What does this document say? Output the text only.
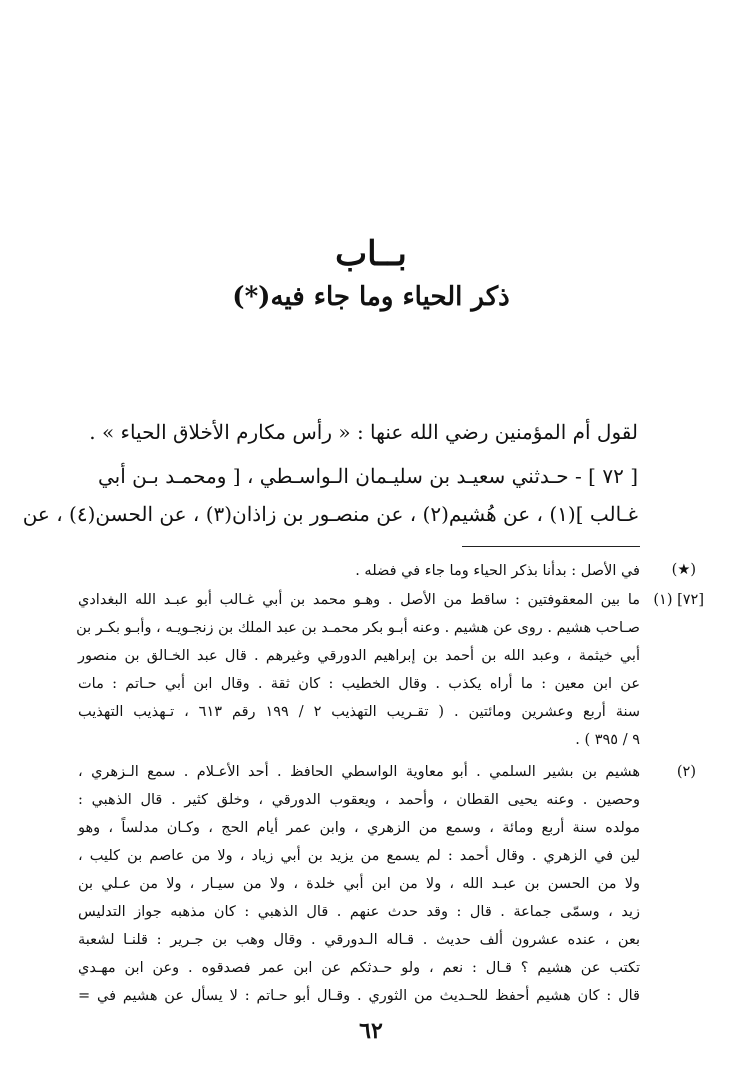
بــاب
ذكر الحياء وما جاء فيه(*)
لقول أم المؤمنين رضي الله عنها : « رأس مكارم الأخلاق الحياء » .
[ ٧٢ ] - حـدثني سعيـد بن سليـمان الـواسـطي ، [ ومحمـد بـن أبي
غـالب ](١) ، عن هُشيم(٢) ، عن منصـور بن زاذان(٣) ، عن الحسن(٤) ، عن
(★)
في الأصل : بدأنا بذكر الحياء وما جاء في فضله .
[٧٢] (١)
ما بين المعقوفتين : ساقط من الأصل . وهـو محمد بن أبي غـالب أبو عبـد الله البغدادي
صـاحب هشيم . روى عن هشيم . وعنه أبـو بكر محمـد بن عبد الملك بن زنجـويـه ، وأبـو بكـر بن
أبي خيثمة ، وعبد الله بن أحمد بن إبراهيم الدورقي وغيرهم . قال عبد الخـالق بن منصور
عن ابن معين : ما أراه يكذب . وقال الخطيب : كان ثقة . وقال ابن أبي حـاتم : مات
سنة أربع وعشرين ومائتين . ( تقـريب التهذيب ٢ / ١٩٩ رقم ٦١٣ ، تـهذيب التهذيب
٩ / ٣٩٥ ) .
(٢)
هشيم بن بشير السلمي . أبو معاوية الواسطي الحافظ . أحد الأعـلام . سمع الـزهري ،
وحصين . وعنه يحيى القطان ، وأحمد ، ويعقوب الدورقي ، وخلق كثير . قال الذهبي :
مولده سنة أربع ومائة ، وسمع من الزهري ، وابن عمر أيام الحج ، وكـان مدلساً ، وهو
لين في الزهري . وقال أحمد : لم يسمع من يزيد بن أبي زياد ، ولا من عاصم بن كليب ،
ولا من الحسن بن عبـد الله ، ولا من ابن أبي خلدة ، ولا من سيـار ، ولا من عـلي بن
زيد ، وسمّى جماعة . قال : وقد حدث عنهم . قال الذهبي : كان مذهبه جواز التدليس
بعن ، عنده عشرون ألف حديث . قـاله الـدورقي . وقال وهب بن جـرير : قلنـا لشعبة
تكتب عن هشيم ؟ قـال : نعم ، ولو حـدثكم عن ابن عمر فصدقوه . وعن ابن مهـدي
قال : كان هشيم أحفظ للحـديث من الثوري . وقـال أبو حـاتم : لا يسأل عن هشيم في =
٦٢
